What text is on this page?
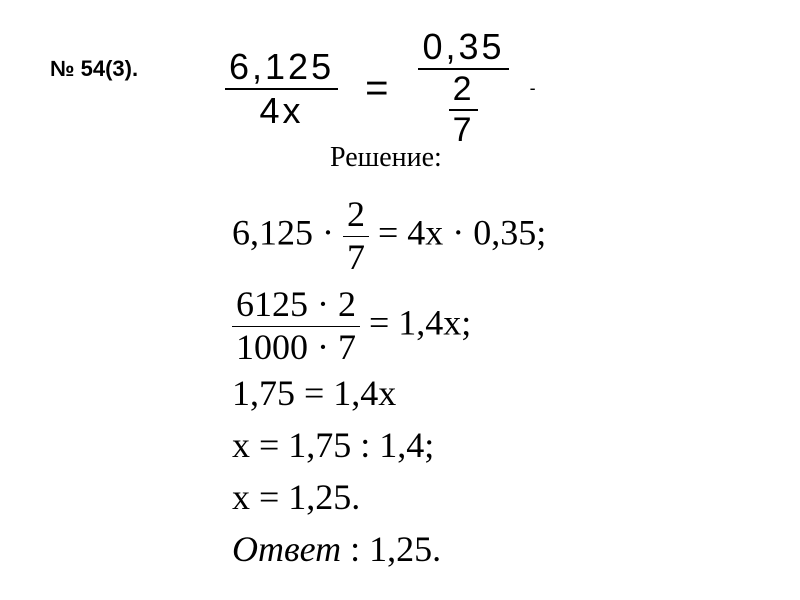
№ 54(3). $\frac{6,125}{4x} = \frac{0,35}{\frac{2}{7}}$ -
Решение:
$6,125 \cdot \frac{2}{7} = 4x \cdot 0,35$;
$\frac{6125 \cdot 2}{1000 \cdot 7} = 1,4x$;
1,75 = 1,4x
x = 1,75 : 1,4;
x = 1,25.
Ответ : 1,25.
